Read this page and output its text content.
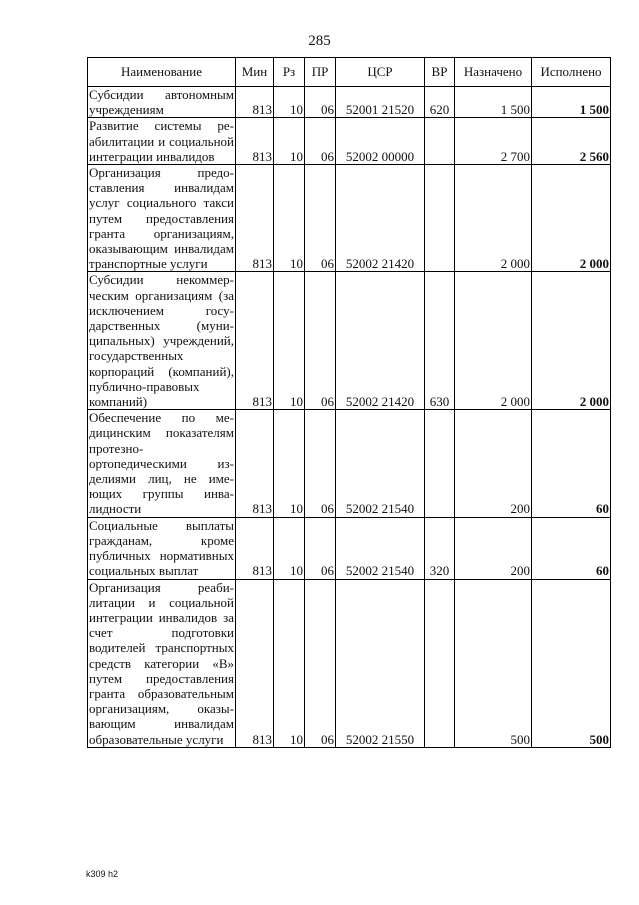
285
Наименование	Мин	Рз	ПР	ЦСР	ВР	Назначено	Исполнено
Субсидии автономным учреждениям	813	10	06	52001 21520	620	1 500	1 500
Развитие системы реабилитации и социальной интеграции инвалидов	813	10	06	52002 00000		2 700	2 560
Организация предоставления инвалидам услуг социального такси путем предоставления гранта организациям, оказывающим инвалидам транспортные услуги	813	10	06	52002 21420		2 000	2 000
Субсидии некоммерческим организациям (за исключением государственных (муниципальных) учреждений, государственных корпораций (компаний), публично-правовых компаний)	813	10	06	52002 21420	630	2 000	2 000
Обеспечение по медицинским показателям протезно-ортопедическими изделиями лиц, не имеющих группы инвалидности	813	10	06	52002 21540		200	60
Социальные выплаты гражданам, кроме публичных нормативных социальных выплат	813	10	06	52002 21540	320	200	60
Организация реабилитации и социальной интеграции инвалидов за счет подготовки водителей транспортных средств категории «В» путем предоставления гранта образовательным организациям, оказывающим инвалидам образовательные услуги	813	10	06	52002 21550		500	500
k309 h2
